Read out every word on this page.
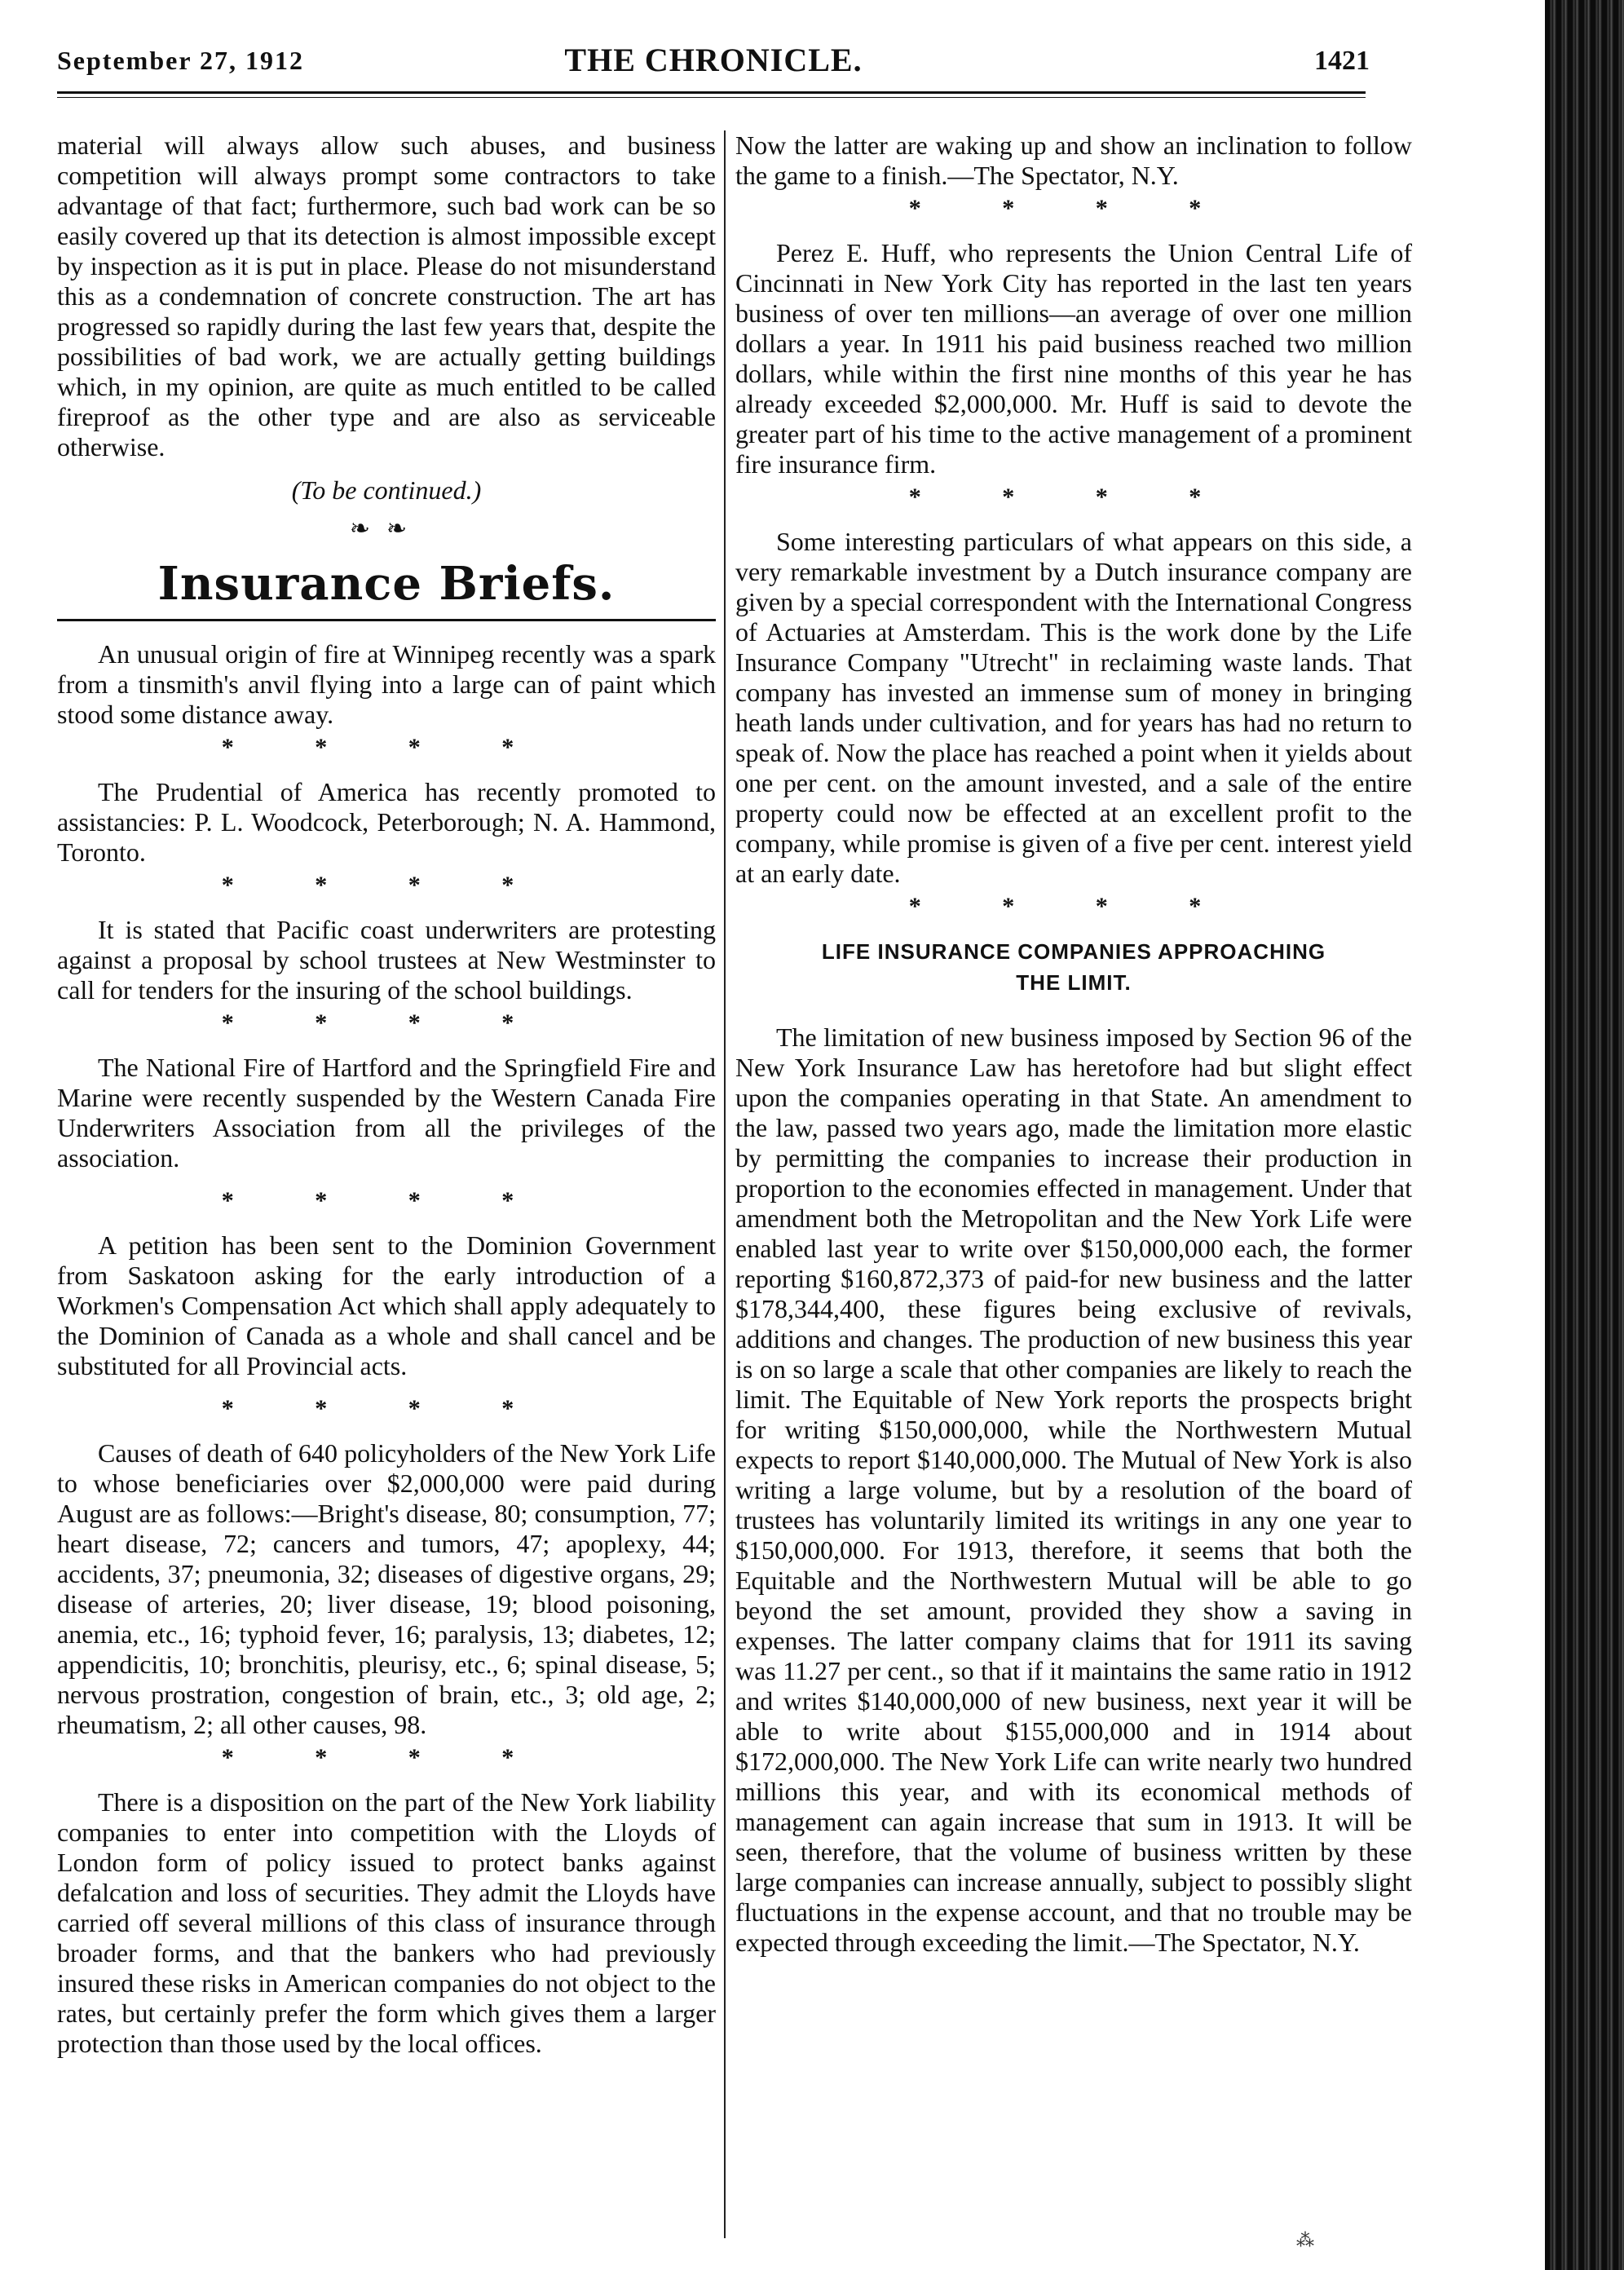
September 27, 1912	THE CHRONICLE.	1421

material will always allow such abuses, and business competition will always prompt some contractors to take advantage of that fact; furthermore, such bad work can be so easily covered up that its detection is almost impossible except by inspection as it is put in place. Please do not misunderstand this as a condemnation of concrete construction. The art has progressed so rapidly during the last few years that, despite the possibilities of bad work, we are actually getting buildings which, in my opinion, are quite as much entitled to be called fireproof as the other type and are also as serviceable otherwise.

(To be continued.)
❧❧
Insurance Briefs.

An unusual origin of fire at Winnipeg recently was a spark from a tinsmith's anvil flying into a large can of paint which stood some distance away.

* * * *

The Prudential of America has recently promoted to assistancies: P. L. Woodcock, Peterborough; N. A. Hammond, Toronto.

* * * *

It is stated that Pacific coast underwriters are protesting against a proposal by school trustees at New Westminster to call for tenders for the insuring of the school buildings.

* * * *

The National Fire of Hartford and the Springfield Fire and Marine were recently suspended by the Western Canada Fire Underwriters Association from all the privileges of the association.

* * * *

A petition has been sent to the Dominion Government from Saskatoon asking for the early introduction of a Workmen's Compensation Act which shall apply adequately to the Dominion of Canada as a whole and shall cancel and be substituted for all Provincial acts.

* * * *

Causes of death of 640 policyholders of the New York Life to whose beneficiaries over $2,000,000 were paid during August are as follows:—Bright's disease, 80; consumption, 77; heart disease, 72; cancers and tumors, 47; apoplexy, 44; accidents, 37; pneumonia, 32; diseases of digestive organs, 29; disease of arteries, 20; liver disease, 19; blood poisoning, anemia, etc., 16; typhoid fever, 16; paralysis, 13; diabetes, 12; appendicitis, 10; bronchitis, pleurisy, etc., 6; spinal disease, 5; nervous prostration, congestion of brain, etc., 3; old age, 2; rheumatism, 2; all other causes, 98.

* * * *

There is a disposition on the part of the New York liability companies to enter into competition with the Lloyds of London form of policy issued to protect banks against defalcation and loss of securities. They admit the Lloyds have carried off several millions of this class of insurance through broader forms, and that the bankers who had previously insured these risks in American companies do not object to the rates, but certainly prefer the form which gives them a larger protection than those used by the local offices.

Now the latter are waking up and show an inclination to follow the game to a finish.—The Spectator, N.Y.

* * * *

Perez E. Huff, who represents the Union Central Life of Cincinnati in New York City has reported in the last ten years business of over ten millions—an average of over one million dollars a year. In 1911 his paid business reached two million dollars, while within the first nine months of this year he has already exceeded $2,000,000. Mr. Huff is said to devote the greater part of his time to the active management of a prominent fire insurance firm.

* * * *

Some interesting particulars of what appears on this side, a very remarkable investment by a Dutch insurance company are given by a special correspondent with the International Congress of Actuaries at Amsterdam. This is the work done by the Life Insurance Company "Utrecht" in reclaiming waste lands. That company has invested an immense sum of money in bringing heath lands under cultivation, and for years has had no return to speak of. Now the place has reached a point when it yields about one per cent. on the amount invested, and a sale of the entire property could now be effected at an excellent profit to the company, while promise is given of a five per cent. interest yield at an early date.

* * * *
LIFE INSURANCE COMPANIES APPROACHING
THE LIMIT.

The limitation of new business imposed by Section 96 of the New York Insurance Law has heretofore had but slight effect upon the companies operating in that State. An amendment to the law, passed two years ago, made the limitation more elastic by permitting the companies to increase their production in proportion to the economies effected in management. Under that amendment both the Metropolitan and the New York Life were enabled last year to write over $150,000,000 each, the former reporting $160,872,373 of paid-for new business and the latter $178,344,400, these figures being exclusive of revivals, additions and changes. The production of new business this year is on so large a scale that other companies are likely to reach the limit. The Equitable of New York reports the prospects bright for writing $150,000,000, while the Northwestern Mutual expects to report $140,000,000. The Mutual of New York is also writing a large volume, but by a resolution of the board of trustees has voluntarily limited its writings in any one year to $150,000,000. For 1913, therefore, it seems that both the Equitable and the Northwestern Mutual will be able to go beyond the set amount, provided they show a saving in expenses. The latter company claims that for 1911 its saving was 11.27 per cent., so that if it maintains the same ratio in 1912 and writes $140,000,000 of new business, next year it will be able to write about $155,000,000 and in 1914 about $172,000,000. The New York Life can write nearly two hundred millions this year, and with its economical methods of management can again increase that sum in 1913. It will be seen, therefore, that the volume of business written by these large companies can increase annually, subject to possibly slight fluctuations in the expense account, and that no trouble may be expected through exceeding the limit.—The Spectator, N.Y.

⁂
